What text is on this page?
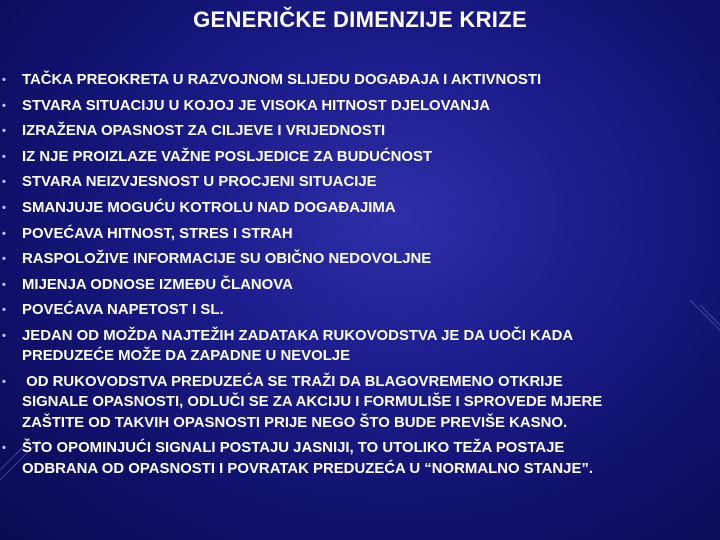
GENERIČKE DIMENZIJE KRIZE
• TAČKA PREOKRETA U RAZVOJNOM SLIJEDU DOGAĐAJA I AKTIVNOSTI
• STVARA SITUACIJU U KOJOJ JE VISOKA HITNOST DJELOVANJA
• IZRAŽENA OPASNOST ZA CILJEVE I VRIJEDNOSTI
• IZ NJE PROIZLAZE VAŽNE POSLJEDICE ZA BUDUĆNOST
• STVARA NEIZVJESNOST U PROCJENI SITUACIJE
• SMANJUJE MOGUĆU KOTROLU NAD DOGAĐAJIMA
• POVEĆAVA HITNOST, STRES I STRAH
• RASPOLOŽIVE INFORMACIJE SU OBIČNO NEDOVOLJNE
• MIJENJA ODNOSE IZMEĐU ČLANOVA
• POVEĆAVA NAPETOST I SL.
• JEDAN OD MOŽDA NAJTEŽIH ZADATAKA RUKOVODSTVA JE DA UOČI KADA
PREDUZEĆE MOŽE DA ZAPADNE U NEVOLJE
• OD RUKOVODSTVA PREDUZEĆA SE TRAŽI DA BLAGOVREMENO OTKRIJE
SIGNALE OPASNOSTI, ODLUČI SE ZA AKCIJU I FORMULIŠE I SPROVEDE MJERE
ZAŠTITE OD TAKVIH OPASNOSTI PRIJE NEGO ŠTO BUDE PREVIŠE KASNO.
• ŠTO OPOMINJUĆI SIGNALI POSTAJU JASNIJI, TO UTOLIKO TEŽA POSTAJE
ODBRANA OD OPASNOSTI I POVRATAK PREDUZEĆA U “NORMALNO STANJE”.
